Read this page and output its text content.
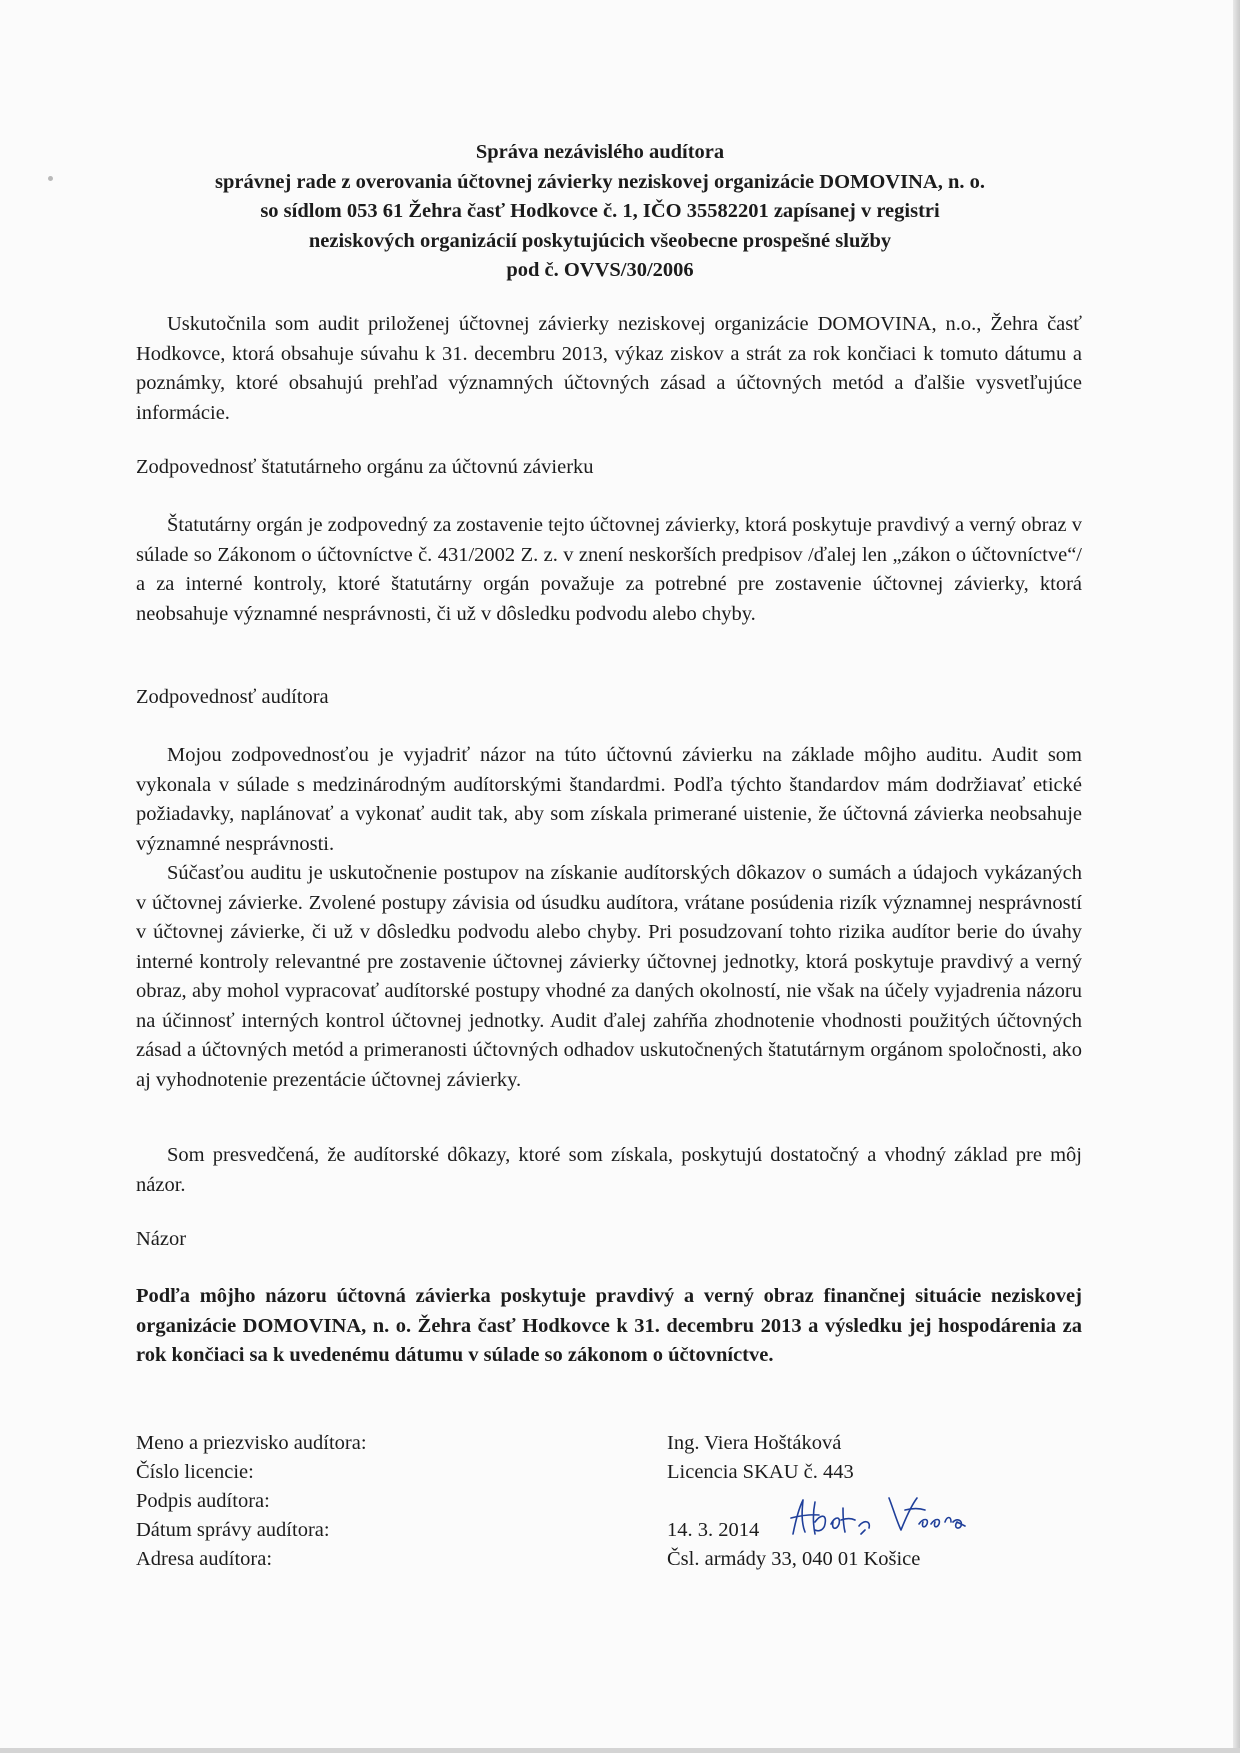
Správa nezávislého audítora
správnej rade z overovania účtovnej závierky neziskovej organizácie DOMOVINA, n. o.
so sídlom 053 61 Žehra časť Hodkovce č. 1, IČO 35582201 zapísanej v registri
neziskových organizácií poskytujúcich všeobecne prospešné služby
pod č. OVVS/30/2006
Uskutočnila som audit priloženej účtovnej závierky neziskovej organizácie DOMOVINA, n.o., Žehra časť Hodkovce, ktorá obsahuje súvahu k 31. decembru 2013, výkaz ziskov a strát za rok končiaci k tomuto dátumu a poznámky, ktoré obsahujú prehľad významných účtovných zásad a účtovných metód a ďalšie vysvetľujúce informácie.
Zodpovednosť štatutárneho orgánu za účtovnú závierku
Štatutárny orgán je zodpovedný za zostavenie tejto účtovnej závierky, ktorá poskytuje pravdivý a verný obraz v súlade so Zákonom o účtovníctve č. 431/2002 Z. z. v znení neskorších predpisov /ďalej len „zákon o účtovníctve“/ a za interné kontroly, ktoré štatutárny orgán považuje za potrebné pre zostavenie účtovnej závierky, ktorá neobsahuje významné nesprávnosti, či už v dôsledku podvodu alebo chyby.
Zodpovednosť audítora
Mojou zodpovednosťou je vyjadriť názor na túto účtovnú závierku na základe môjho auditu. Audit som vykonala v súlade s medzinárodným audítorskými štandardmi. Podľa týchto štandardov mám dodržiavať etické požiadavky, naplánovať a vykonať audit tak, aby som získala primerané uistenie, že účtovná závierka neobsahuje významné nesprávnosti.
Súčasťou auditu je uskutočnenie postupov na získanie audítorských dôkazov o sumách a údajoch vykázaných v účtovnej závierke. Zvolené postupy závisia od úsudku audítora, vrátane posúdenia rizík významnej nesprávností v účtovnej závierke, či už v dôsledku podvodu alebo chyby. Pri posudzovaní tohto rizika audítor berie do úvahy interné kontroly relevantné pre zostavenie účtovnej závierky účtovnej jednotky, ktorá poskytuje pravdivý a verný obraz, aby mohol vypracovať audítorské postupy vhodné za daných okolností, nie však na účely vyjadrenia názoru na účinnosť interných kontrol účtovnej jednotky. Audit ďalej zahŕňa zhodnotenie vhodnosti použitých účtovných zásad a účtovných metód a primeranosti účtovných odhadov uskutočnených štatutárnym orgánom spoločnosti, ako aj vyhodnotenie prezentácie účtovnej závierky.
Som presvedčená, že audítorské dôkazy, ktoré som získala, poskytujú dostatočný a vhodný základ pre môj názor.
Názor
Podľa môjho názoru účtovná závierka poskytuje pravdivý a verný obraz finančnej situácie neziskovej organizácie DOMOVINA, n. o. Žehra časť Hodkovce k 31. decembru 2013 a výsledku jej hospodárenia za rok končiaci sa k uvedenému dátumu v súlade so zákonom o účtovníctve.
Meno a priezvisko audítora:	Ing. Viera Hoštáková
Číslo licencie:	Licencia SKAU č. 443
Podpis audítora:
Dátum správy audítora:	14. 3. 2014
Adresa audítora:	Čsl. armády 33, 040 01 Košice
